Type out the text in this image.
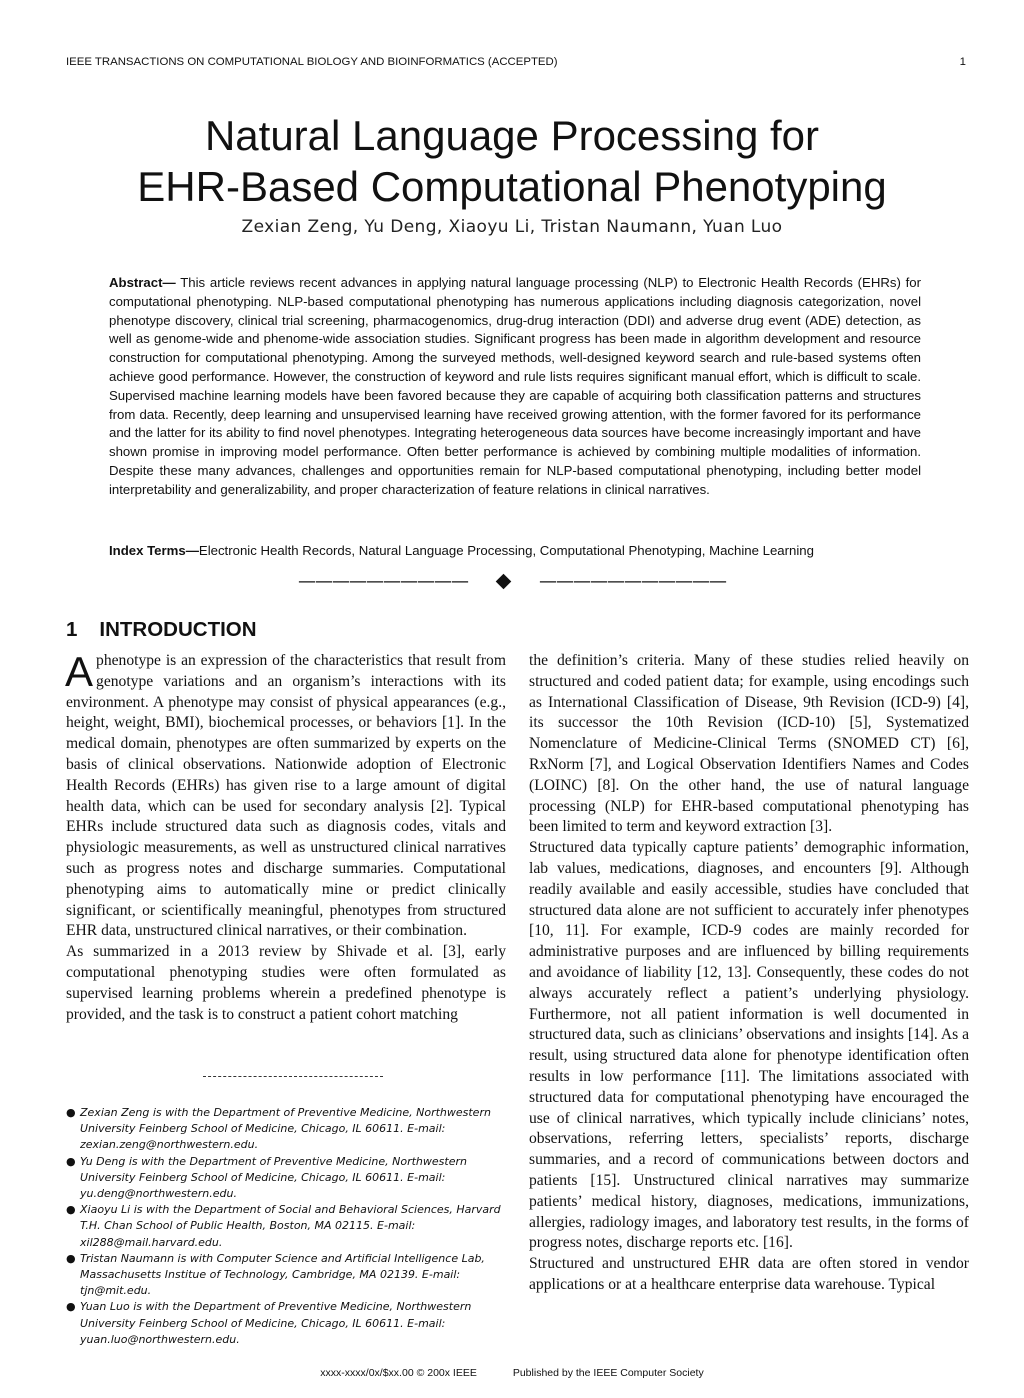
IEEE TRANSACTIONS ON COMPUTATIONAL BIOLOGY AND BIOINFORMATICS (ACCEPTED)	1
Natural Language Processing for
EHR-Based Computational Phenotyping
Zexian Zeng, Yu Deng, Xiaoyu Li, Tristan Naumann, Yuan Luo
Abstract— This article reviews recent advances in applying natural language processing (NLP) to Electronic Health Records (EHRs) for computational phenotyping. NLP-based computational phenotyping has numerous applications including diagnosis categorization, novel phenotype discovery, clinical trial screening, pharmacogenomics, drug-drug interaction (DDI) and adverse drug event (ADE) detection, as well as genome-wide and phenome-wide association studies. Significant progress has been made in algorithm development and resource construction for computational phenotyping. Among the surveyed methods, well-designed keyword search and rule-based systems often achieve good performance. However, the construction of keyword and rule lists requires significant manual effort, which is difficult to scale. Supervised machine learning models have been favored because they are capable of acquiring both classification patterns and structures from data. Recently, deep learning and unsupervised learning have received growing attention, with the former favored for its performance and the latter for its ability to find novel phenotypes. Integrating heterogeneous data sources have become increasingly important and have shown promise in improving model performance. Often better performance is achieved by combining multiple modalities of information. Despite these many advances, challenges and opportunities remain for NLP-based computational phenotyping, including better model interpretability and generalizability, and proper characterization of feature relations in clinical narratives.
Index Terms—Electronic Health Records, Natural Language Processing, Computational Phenotyping, Machine Learning
——————————	———————————
1 INTRODUCTION

Aphenotype is an expression of the characteristics that result from genotype variations and an organism’s interactions with its environment. A phenotype may consist of physical appearances (e.g., height, weight, BMI), biochemical processes, or behaviors [1]. In the medical domain, phenotypes are often summarized by experts on the basis of clinical observations. Nationwide adoption of Electronic Health Records (EHRs) has given rise to a large amount of digital health data, which can be used for secondary analysis [2]. Typical EHRs include structured data such as diagnosis codes, vitals and physiologic measurements, as well as unstructured clinical narratives such as progress notes and discharge summaries. Computational phenotyping aims to automatically mine or predict clinically significant, or scientifically meaningful, phenotypes from structured EHR data, unstructured clinical narratives, or their combination.

As summarized in a 2013 review by Shivade et al. [3], early computational phenotyping studies were often formulated as supervised learning problems wherein a predefined phenotype is provided, and the task is to construct a patient cohort matching

● Zexian Zeng is with the Department of Preventive Medicine, Northwestern University Feinberg School of Medicine, Chicago, IL 60611. E-mail: zexian.zeng@northwestern.edu.
● Yu Deng is with the Department of Preventive Medicine, Northwestern University Feinberg School of Medicine, Chicago, IL 60611. E-mail: yu.deng@northwestern.edu.
● Xiaoyu Li is with the Department of Social and Behavioral Sciences, Harvard T.H. Chan School of Public Health, Boston, MA 02115. E-mail: xil288@mail.harvard.edu.
● Tristan Naumann is with Computer Science and Artificial Intelligence Lab, Massachusetts Institue of Technology, Cambridge, MA 02139. E-mail: tjn@mit.edu.
● Yuan Luo is with the Department of Preventive Medicine, Northwestern University Feinberg School of Medicine, Chicago, IL 60611. E-mail: yuan.luo@northwestern.edu.

the definition’s criteria. Many of these studies relied heavily on structured and coded patient data; for example, using encodings such as International Classification of Disease, 9th Revision (ICD-9) [4], its successor the 10th Revision (ICD-10) [5], Systematized Nomenclature of Medicine-Clinical Terms (SNOMED CT) [6], RxNorm [7], and Logical Observation Identifiers Names and Codes (LOINC) [8]. On the other hand, the use of natural language processing (NLP) for EHR-based computational phenotyping has been limited to term and keyword extraction [3].

Structured data typically capture patients’ demographic information, lab values, medications, diagnoses, and encounters [9]. Although readily available and easily accessible, studies have concluded that structured data alone are not sufficient to accurately infer phenotypes [10, 11]. For example, ICD-9 codes are mainly recorded for administrative purposes and are influenced by billing requirements and avoidance of liability [12, 13]. Consequently, these codes do not always accurately reflect a patient’s underlying physiology. Furthermore, not all patient information is well documented in structured data, such as clinicians’ observations and insights [14]. As a result, using structured data alone for phenotype identification often results in low performance [11]. The limitations associated with structured data for computational phenotyping have encouraged the use of clinical narratives, which typically include clinicians’ notes, observations, referring letters, specialists’ reports, discharge summaries, and a record of communications between doctors and patients [15]. Unstructured clinical narratives may summarize patients’ medical history, diagnoses, medications, immunizations, allergies, radiology images, and laboratory test results, in the forms of progress notes, discharge reports etc. [16].

Structured and unstructured EHR data are often stored in vendor applications or at a healthcare enterprise data warehouse. Typical

xxxx-xxxx/0x/$xx.00 © 200x IEEE	Published by the IEEE Computer Society
